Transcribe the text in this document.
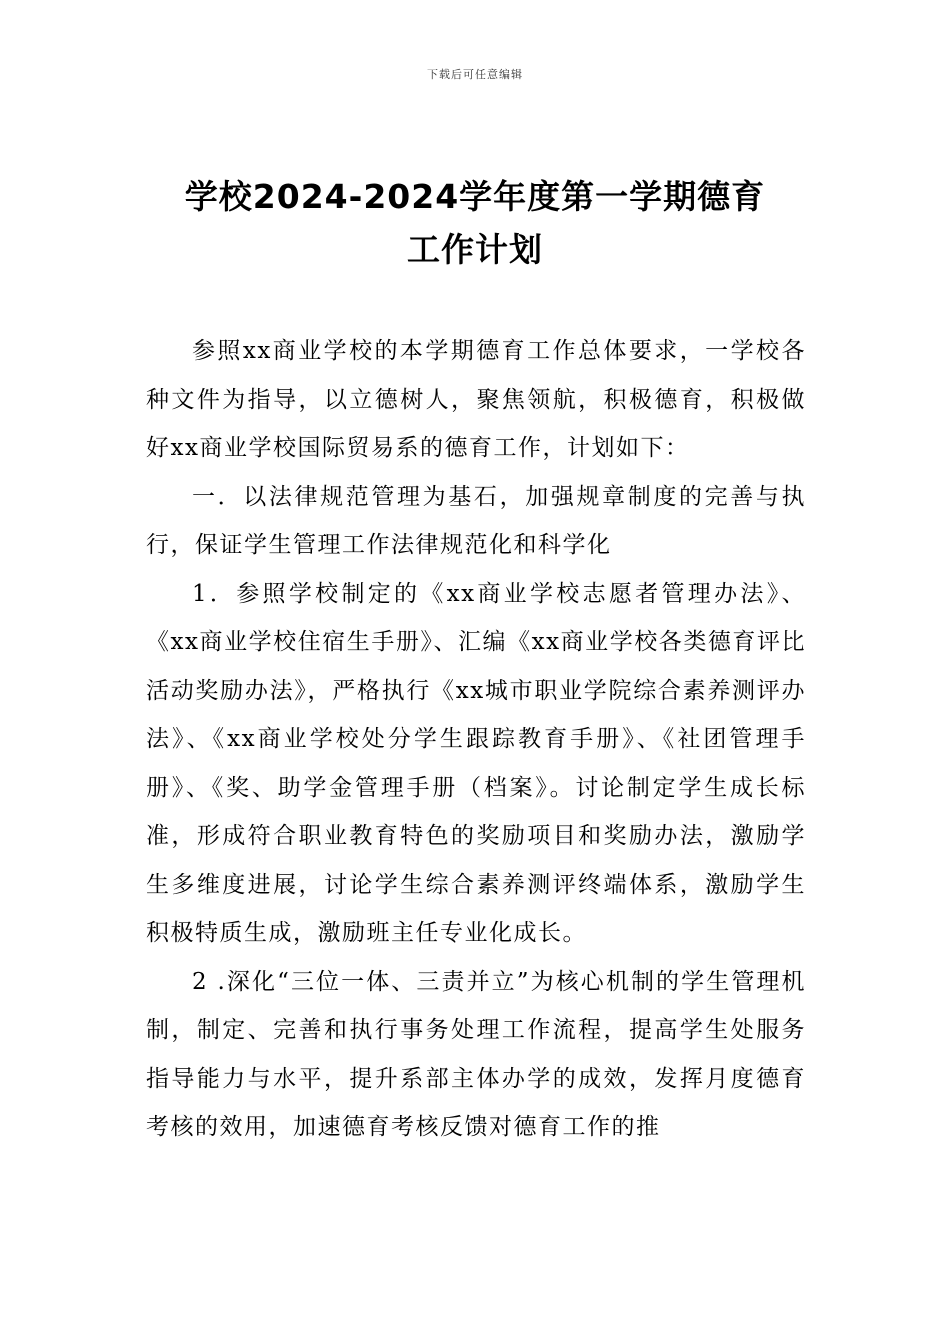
下载后可任意编辑
学校2024-2024学年度第一学期德育
工作计划

参照xx商业学校的本学期德育工作总体要求，一学校各种文件为指导，以立德树人，聚焦领航，积极德育，积极做好xx商业学校国际贸易系的德育工作，计划如下：

一．以法律规范管理为基石，加强规章制度的完善与执行，保证学生管理工作法律规范化和科学化

1．参照学校制定的《xx商业学校志愿者管理办法》、《xx商业学校住宿生手册》、汇编《xx商业学校各类德育评比活动奖励办法》，严格执行《xx城市职业学院综合素养测评办法》、《xx商业学校处分学生跟踪教育手册》、《社团管理手册》、《奖、助学金管理手册（档案》。讨论制定学生成长标准，形成符合职业教育特色的奖励项目和奖励办法，激励学生多维度进展，讨论学生综合素养测评终端体系，激励学生积极特质生成，激励班主任专业化成长。

2 .深化“三位一体、三责并立”为核心机制的学生管理机制，制定、完善和执行事务处理工作流程，提高学生处服务指导能力与水平，提升系部主体办学的成效，发挥月度德育考核的效用，加速德育考核反馈对德育工作的推
